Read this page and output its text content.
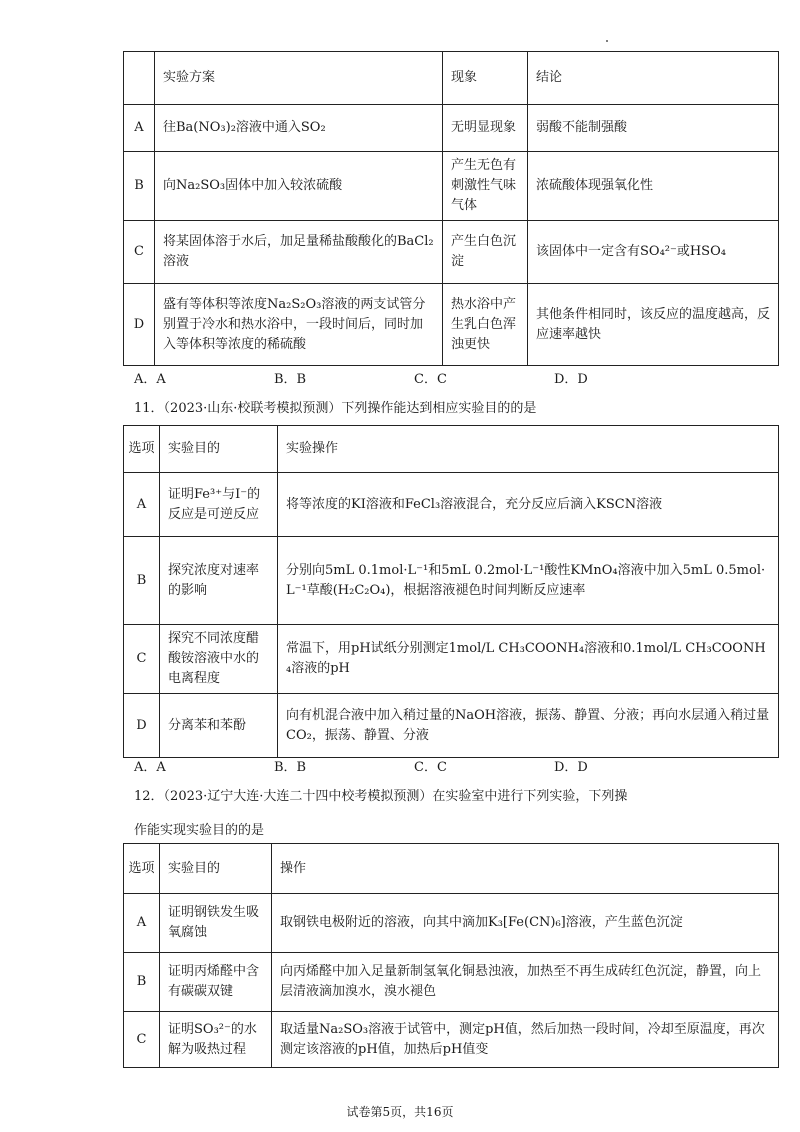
	实验方案	现象	结论
A	往Ba(NO₃)₂溶液中通入SO₂	无明显现象	弱酸不能制强酸
B	向Na₂SO₃固体中加入较浓硫酸	产生无色有刺激性气味气体	浓硫酸体现强氧化性
C	将某固体溶于水后，加足量稀盐酸酸化的BaCl₂溶液	产生白色沉淀	该固体中一定含有SO₄²⁻或HSO₄
D	盛有等体积等浓度Na₂S₂O₃溶液的两支试管分别置于冷水和热水浴中，一段时间后，同时加入等体积等浓度的稀硫酸	热水浴中产生乳白色浑浊更快	其他条件相同时，该反应的温度越高，反应速率越快
A．A	B．B	C．C	D．D
11．（2023·山东·校联考模拟预测）下列操作能达到相应实验目的的是
选项	实验目的	实验操作
A	证明Fe³⁺与I⁻的反应是可逆反应	将等浓度的KI溶液和FeCl₃溶液混合，充分反应后滴入KSCN溶液
B	探究浓度对速率的影响	分别向5mL 0.1mol·L⁻¹和5mL 0.2mol·L⁻¹酸性KMnO₄溶液中加入5mL 0.5mol·L⁻¹草酸(H₂C₂O₄)，根据溶液褪色时间判断反应速率
C	探究不同浓度醋酸铵溶液中水的电离程度	常温下，用pH试纸分别测定1mol/L CH₃COONH₄溶液和0.1mol/L CH₃COONH₄溶液的pH
D	分离苯和苯酚	向有机混合液中加入稍过量的NaOH溶液，振荡、静置、分液；再向水层通入稍过量CO₂，振荡、静置、分液
A．A	B．B	C．C	D．D
12．（2023·辽宁大连·大连二十四中校考模拟预测）在实验室中进行下列实验，下列操
作能实现实验目的的是
选项	实验目的	操作
A	证明钢铁发生吸氧腐蚀	取钢铁电极附近的溶液，向其中滴加K₃[Fe(CN)₆]溶液，产生蓝色沉淀
B	证明丙烯醛中含有碳碳双键	向丙烯醛中加入足量新制氢氧化铜悬浊液，加热至不再生成砖红色沉淀，静置，向上层清液滴加溴水，溴水褪色
C	证明SO₃²⁻的水解为吸热过程	取适量Na₂SO₃溶液于试管中，测定pH值，然后加热一段时间，冷却至原温度，再次测定该溶液的pH值，加热后pH值变
试卷第5页，共16页
